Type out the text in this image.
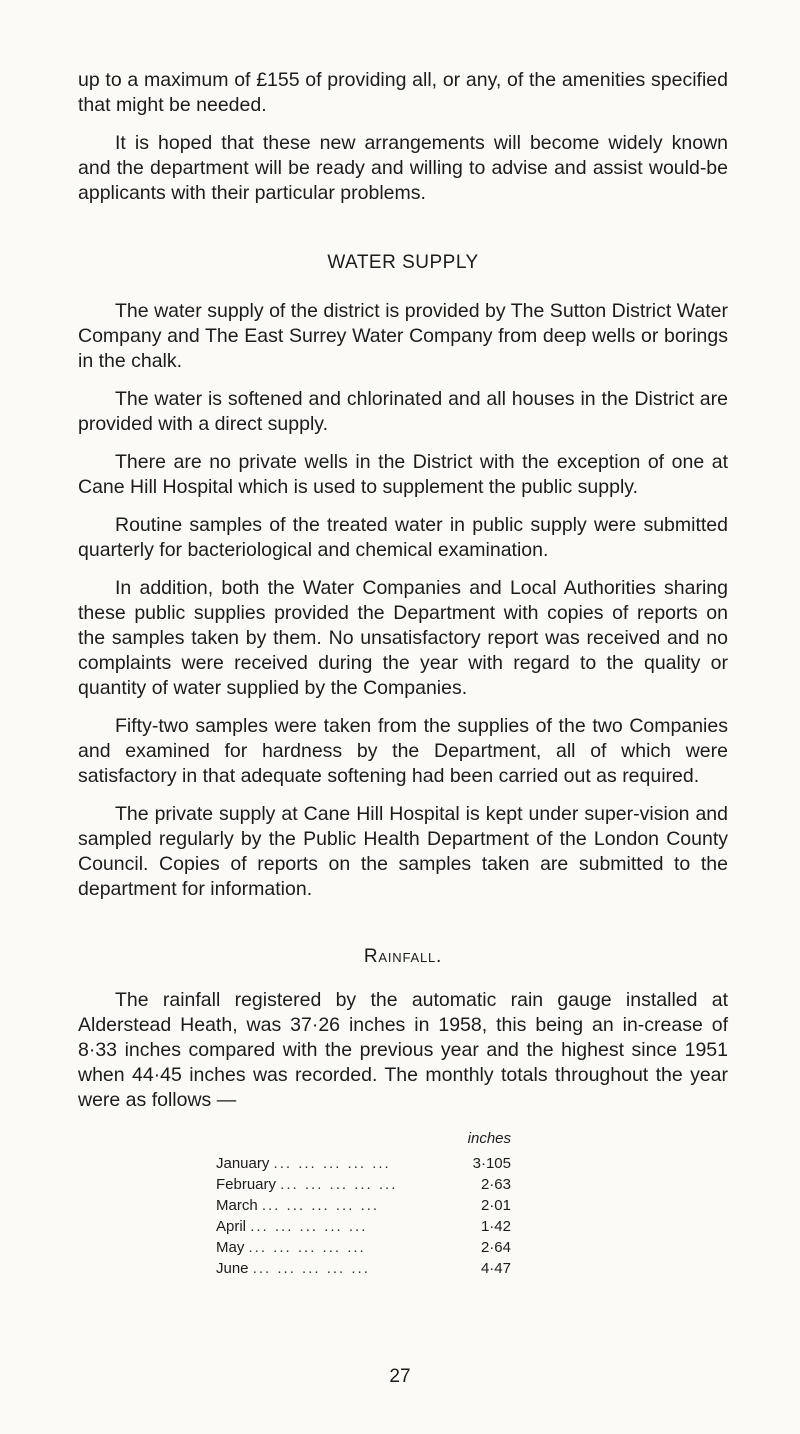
up to a maximum of £155 of providing all, or any, of the amenities specified that might be needed.

It is hoped that these new arrangements will become widely known and the department will be ready and willing to advise and assist would-be applicants with their particular problems.

WATER SUPPLY

The water supply of the district is provided by The Sutton District Water Company and The East Surrey Water Company from deep wells or borings in the chalk.

The water is softened and chlorinated and all houses in the District are provided with a direct supply.

There are no private wells in the District with the exception of one at Cane Hill Hospital which is used to supplement the public supply.

Routine samples of the treated water in public supply were submitted quarterly for bacteriological and chemical examination.

In addition, both the Water Companies and Local Authorities sharing these public supplies provided the Department with copies of reports on the samples taken by them. No unsatisfactory report was received and no complaints were received during the year with regard to the quality or quantity of water supplied by the Companies.

Fifty-two samples were taken from the supplies of the two Companies and examined for hardness by the Department, all of which were satisfactory in that adequate softening had been carried out as required.

The private supply at Cane Hill Hospital is kept under super-vision and sampled regularly by the Public Health Department of the London County Council. Copies of reports on the samples taken are submitted to the department for information.

Rainfall.

The rainfall registered by the automatic rain gauge installed at Alderstead Heath, was 37·26 inches in 1958, this being an in-crease of 8·33 inches compared with the previous year and the highest since 1951 when 44·45 inches was recorded. The monthly totals throughout the year were as follows —

	inches
January ... ... ... ... ...	3·105
February ... ... ... ... ...	2·63
March ... ... ... ... ...	2·01
April ... ... ... ... ...	1·42
May ... ... ... ... ...	2·64
June ... ... ... ... ...	4·47
27
